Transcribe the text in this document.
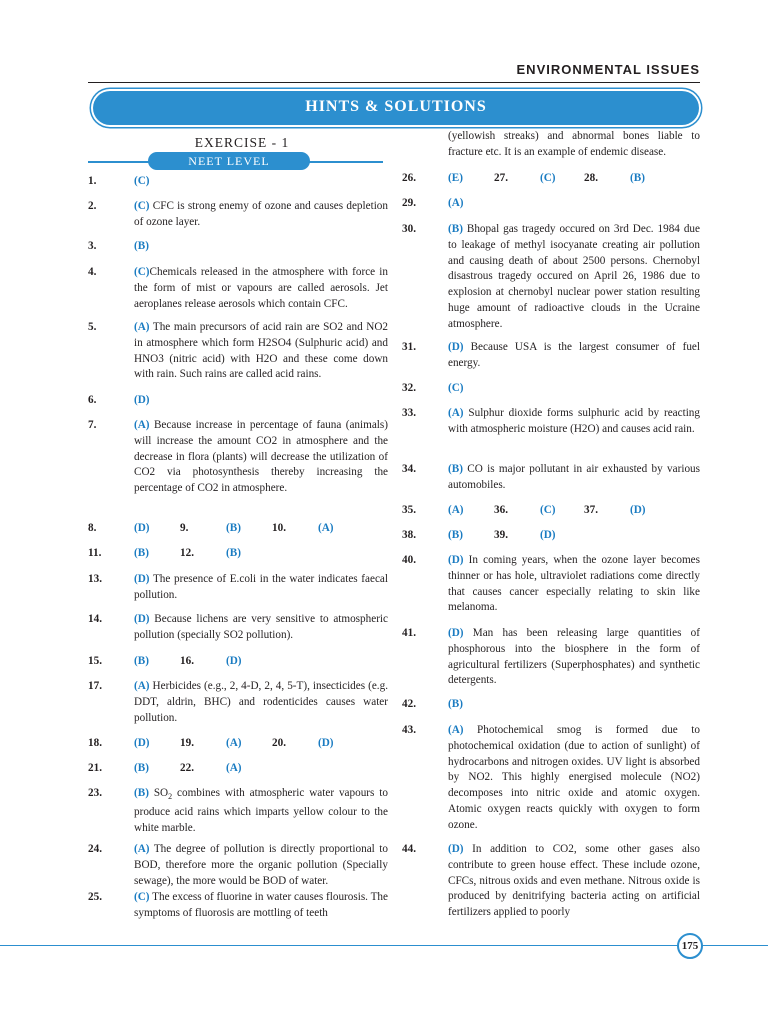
ENVIRONMENTAL ISSUES
HINTS & SOLUTIONS
EXERCISE - 1
NEET LEVEL
1.	(C)
2.	(C) CFC is strong enemy of ozone and causes depletion of ozone layer.
3.	(B)
4.	(C)Chemicals released in the atmosphere with force in the form of mist or vapours are called aerosols. Jet aeroplanes release aerosols which contain CFC.
5.	(A) The main precursors of acid rain are SO2 and NO2 in atmosphere which form H2SO4 (Sulphuric acid) and HNO3 (nitric acid) with H2O and these come down with rain. Such rains are called acid rains.
6.	(D)
7.	(A) Because increase in percentage of fauna (animals) will increase the amount CO2 in atmosphere and the decrease in flora (plants) will decrease the utilization of CO2 via photosynthesis thereby increasing the percentage of CO2 in atmosphere.
8.	(D)	9.	(B)	10.	(A)
11.	(B)	12.	(B)
13.	(D) The presence of E.coli in the water indicates faecal pollution.
14.	(D) Because lichens are very sensitive to atmospheric pollution (specially SO2 pollution).
15.	(B)	16.	(D)
17.	(A) Herbicides (e.g., 2, 4-D, 2, 4, 5-T), insecticides (e.g. DDT, aldrin, BHC) and rodenticides causes water pollution.
18.	(D)	19.	(A)	20.	(D)
21.	(B)	22.	(A)
23.	(B) $SO_2$ combines with atmospheric water vapours to produce acid rains which imparts yellow colour to the white marble.
24.	(A) The degree of pollution is directly proportional to BOD, therefore more the organic pollution (Specially sewage), the more would be BOD of water.
25.	(C) The excess of fluorine in water causes flourosis. The symptoms of fluorosis are mottling of teeth
(yellowish streaks) and abnormal bones liable to fracture etc. It is an example of endemic disease.
26.	(E)	27.	(C)	28.	(B)
29.	(A)
30.	(B) Bhopal gas tragedy occured on 3rd Dec. 1984 due to leakage of methyl isocyanate creating air pollution and causing death of about 2500 persons. Chernobyl disastrous tragedy occured on April 26, 1986 due to explosion at chernobyl nuclear power station resulting huge amount of radioactive clouds in the Ucraine atmosphere.
31.	(D) Because USA is the largest consumer of fuel energy.
32.	(C)
33.	(A) Sulphur dioxide forms sulphuric acid by reacting with atmospheric moisture (H2O) and causes acid rain.
34.	(B) CO is major pollutant in air exhausted by various automobiles.
35.	(A)	36.	(C)	37.	(D)
38.	(B)	39.	(D)
40.	(D) In coming years, when the ozone layer becomes thinner or has hole, ultraviolet radiations come directly that causes cancer especially relating to skin like melanoma.
41.	(D) Man has been releasing large quantities of phosphorous into the biosphere in the form of agricultural fertilizers (Superphosphates) and synthetic detergents.
42.	(B)
43.	(A) Photochemical smog is formed due to photochemical oxidation (due to action of sunlight) of hydrocarbons and nitrogen oxides. UV light is absorbed by NO2. This highly energised molecule (NO2) decomposes into nitric oxide and atomic oxygen. Atomic oxygen reacts quickly with oxygen to form ozone.
44.	(D) In addition to CO2, some other gases also contribute to green house effect. These include ozone, CFCs, nitrous oxids and even methane. Nitrous oxide is produced by denitrifying bacteria acting on artificial fertilizers applied to poorly
175
